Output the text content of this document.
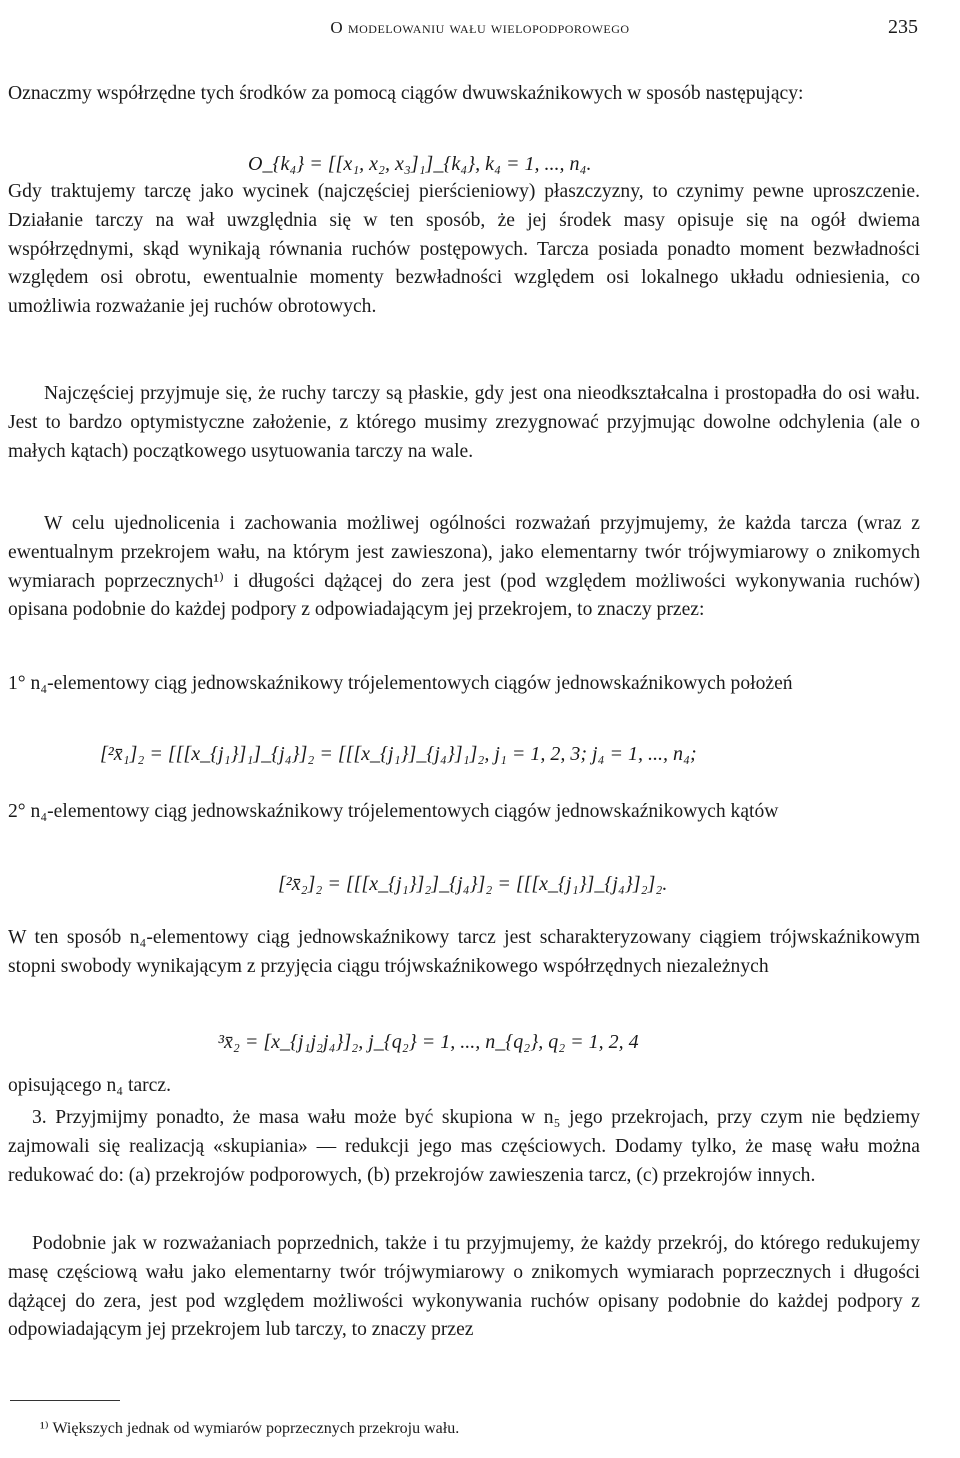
O modelowaniu wału wielopodporowego	235

Oznaczmy współrzędne tych środków za pomocą ciągów dwuwskaźnikowych w sposób następujący:

O_{k₄} = [[x₁, x₂, x₃]₁]_{k₄}, k₄ = 1, ..., n₄.

Gdy traktujemy tarczę jako wycinek (najczęściej pierścieniowy) płaszczyzny, to czynimy pewne uproszczenie. Działanie tarczy na wał uwzględnia się w ten sposób, że jej środek masy opisuje się na ogół dwiema współrzędnymi, skąd wynikają równania ruchów postępowych. Tarcza posiada ponadto moment bezwładności względem osi obrotu, ewentualnie momenty bezwładności względem osi lokalnego układu odniesienia, co umożliwia rozważanie jej ruchów obrotowych.

Najczęściej przyjmuje się, że ruchy tarczy są płaskie, gdy jest ona nieodkształcalna i prostopadła do osi wału. Jest to bardzo optymistyczne założenie, z którego musimy zrezygnować przyjmując dowolne odchylenia (ale o małych kątach) początkowego usytuowania tarczy na wale.

W celu ujednolicenia i zachowania możliwej ogólności rozważań przyjmujemy, że każda tarcza (wraz z ewentualnym przekrojem wału, na którym jest zawieszona), jako elementarny twór trójwymiarowy o znikomych wymiarach poprzecznych¹⁾ i długości dążącej do zera jest (pod względem możliwości wykonywania ruchów) opisana podobnie do każdej podpory z odpowiadającym jej przekrojem, to znaczy przez:

1° n₄-elementowy ciąg jednowskaźnikowy trójelementowych ciągów jednowskaźnikowych położeń

[²x̄₁]₂ = [[[x_{j₁}]₁]_{j₄}]₂ = [[[x_{j₁}]_{j₄}]₁]₂, j₁ = 1, 2, 3; j₄ = 1, ..., n₄;

2° n₄-elementowy ciąg jednowskaźnikowy trójelementowych ciągów jednowskaźnikowych kątów

[²x̄₂]₂ = [[[x_{j₁}]₂]_{j₄}]₂ = [[[x_{j₁}]_{j₄}]₂]₂.

W ten sposób n₄-elementowy ciąg jednowskaźnikowy tarcz jest scharakteryzowany ciągiem trójwskaźnikowym stopni swobody wynikającym z przyjęcia ciągu trójwskaźnikowego współrzędnych niezależnych

³x̄₂ = [x_{j₁j₂j₄}]₂, j_{q₂} = 1, ..., n_{q₂}, q₂ = 1, 2, 4

opisującego n₄ tarcz.

3. Przyjmijmy ponadto, że masa wału może być skupiona w n₅ jego przekrojach, przy czym nie będziemy zajmowali się realizacją «skupiania» — redukcji jego mas częściowych. Dodamy tylko, że masę wału można redukować do: (a) przekrojów podporowych, (b) przekrojów zawieszenia tarcz, (c) przekrojów innych.

Podobnie jak w rozważaniach poprzednich, także i tu przyjmujemy, że każdy przekrój, do którego redukujemy masę częściową wału jako elementarny twór trójwymiarowy o znikomych wymiarach poprzecznych i długości dążącej do zera, jest pod względem możliwości wykonywania ruchów opisany podobnie do każdej podpory z odpowiadającym jej przekrojem lub tarczy, to znaczy przez

¹⁾ Większych jednak od wymiarów poprzecznych przekroju wału.
